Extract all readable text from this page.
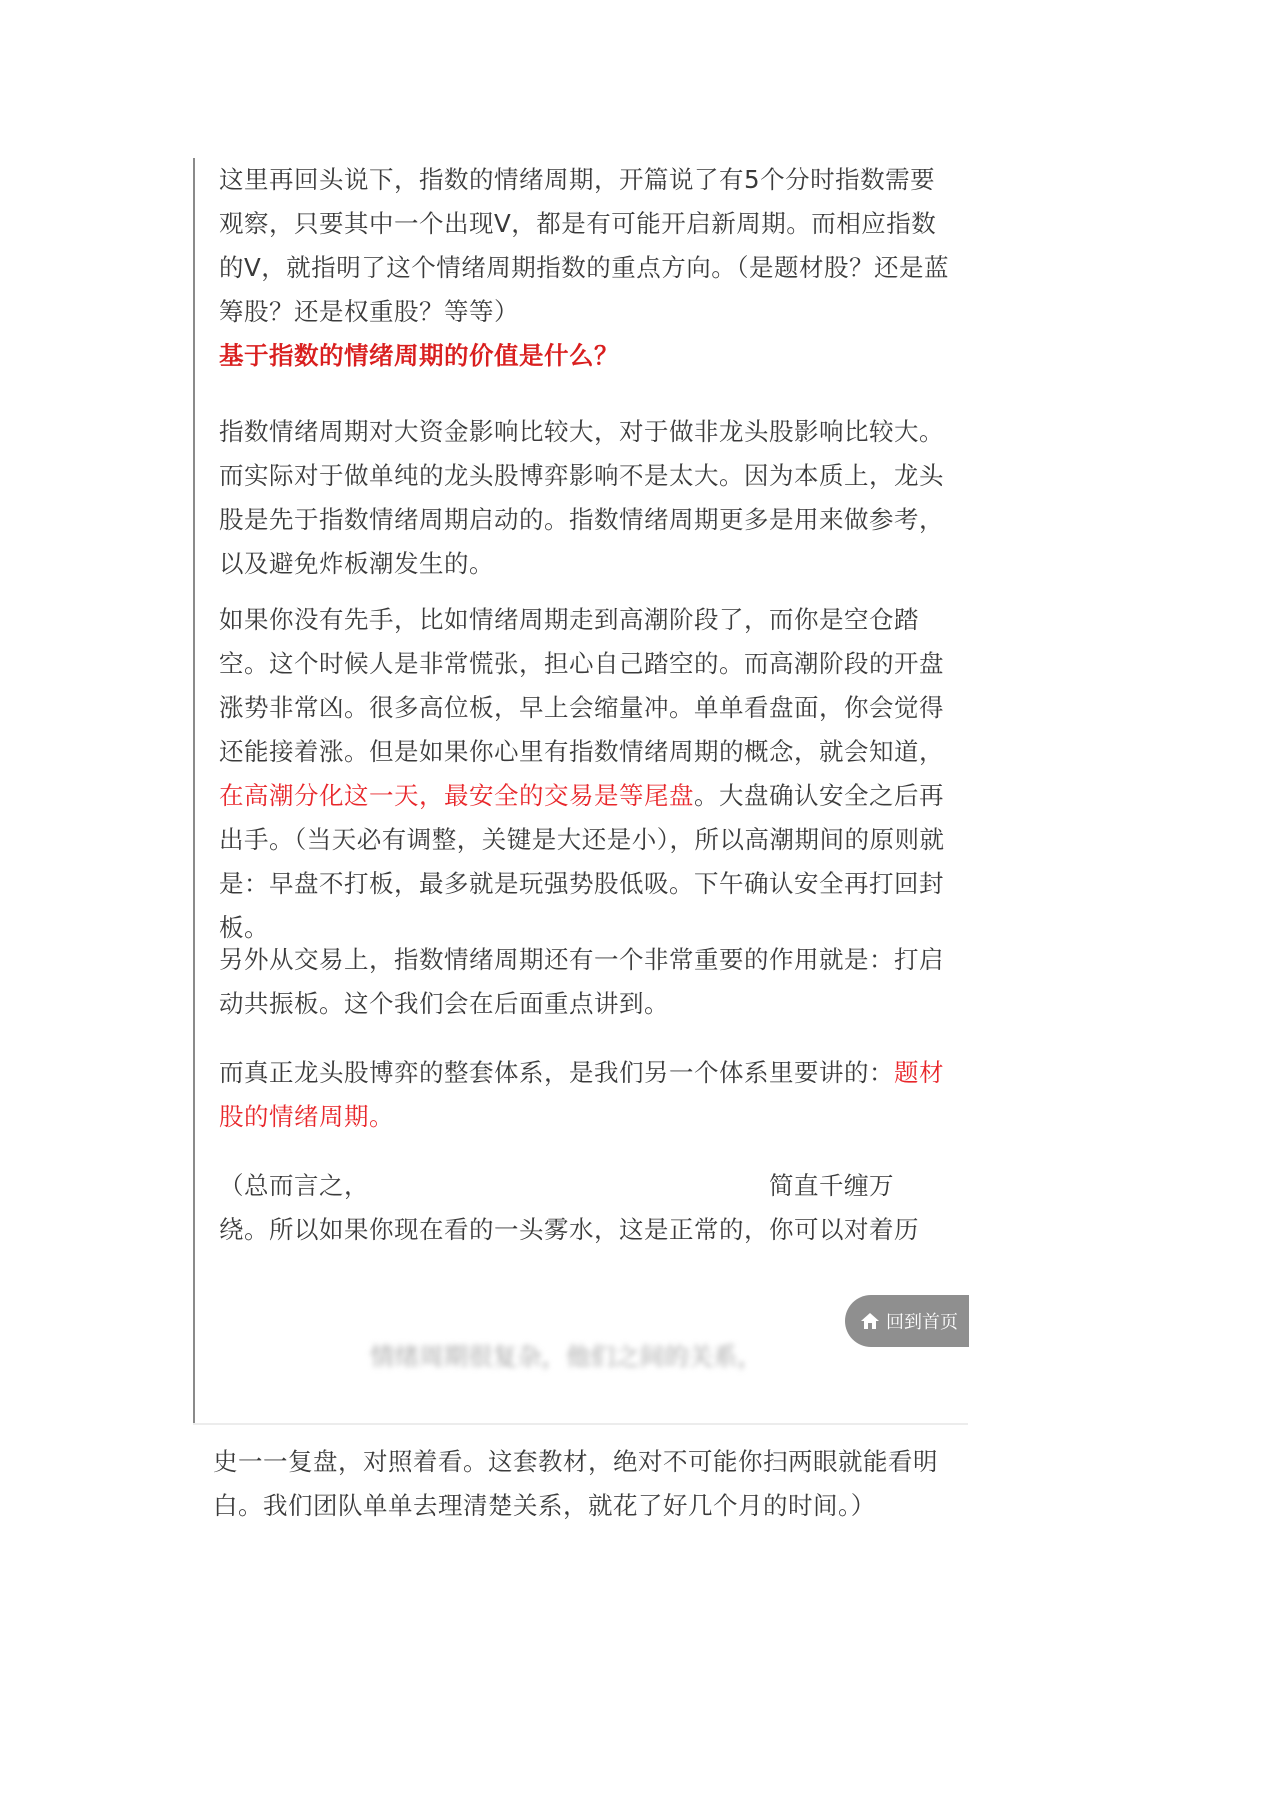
这里再回头说下，指数的情绪周期，开篇说了有5个分时指数需要观察，只要其中一个出现V，都是有可能开启新周期。而相应指数的V，就指明了这个情绪周期指数的重点方向。（是题材股？还是蓝筹股？还是权重股？等等）

基于指数的情绪周期的价值是什么？

指数情绪周期对大资金影响比较大，对于做非龙头股影响比较大。而实际对于做单纯的龙头股博弈影响不是太大。因为本质上，龙头股是先于指数情绪周期启动的。指数情绪周期更多是用来做参考，以及避免炸板潮发生的。

如果你没有先手，比如情绪周期走到高潮阶段了，而你是空仓踏空。这个时候人是非常慌张，担心自己踏空的。而高潮阶段的开盘涨势非常凶。很多高位板，早上会缩量冲。单单看盘面，你会觉得还能接着涨。但是如果你心里有指数情绪周期的概念，就会知道，在高潮分化这一天，最安全的交易是等尾盘。大盘确认安全之后再出手。（当天必有调整，关键是大还是小），所以高潮期间的原则就是：早盘不打板，最多就是玩强势股低吸。下午确认安全再打回封板。

另外从交易上，指数情绪周期还有一个非常重要的作用就是：打启动共振板。这个我们会在后面重点讲到。

而真正龙头股博弈的整套体系，是我们另一个体系里要讲的：题材股的情绪周期。

（总而言之，	简直千缠万
绕。所以如果你现在看的一头雾水，这是正常的，你可以对着历

情绪周期很复杂，他们之间的关系，

史一一复盘，对照着看。这套教材，绝对不可能你扫两眼就能看明白。我们团队单单去理清楚关系，就花了好几个月的时间。）

回到首页
